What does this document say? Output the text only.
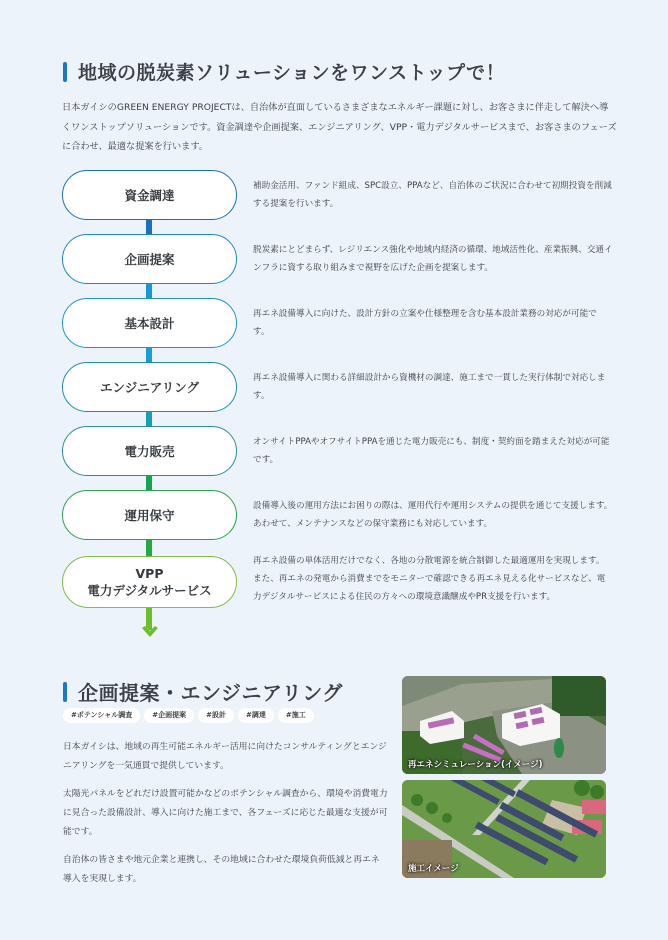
地域の脱炭素ソリューションをワンストップで！

日本ガイシのGREEN ENERGY PROJECTは、自治体が直面しているさまざまなエネルギー課題に対し、お客さまに伴走して解決へ導くワンストップソリューションです。資金調達や企画提案、エンジニアリング、VPP・電力デジタルサービスまで、お客さまのフェーズに合わせ、最適な提案を行います。

資金調達

補助金活用、ファンド組成、SPC設立、PPAなど、自治体のご状況に合わせて初期投資を削減する提案を行います。

企画提案

脱炭素にとどまらず、レジリエンス強化や地域内経済の循環、地域活性化、産業振興、交通インフラに資する取り組みまで視野を広げた企画を提案します。

基本設計

再エネ設備導入に向けた、設計方針の立案や仕様整理を含む基本設計業務の対応が可能です。

エンジニアリング

再エネ設備導入に関わる詳細設計から資機材の調達、施工まで一貫した実行体制で対応します。

電力販売

オンサイトPPAやオフサイトPPAを通じた電力販売にも、制度・契約面を踏まえた対応が可能です。

運用保守

設備導入後の運用方法にお困りの際は、運用代行や運用システムの提供を通じて支援します。あわせて、メンテナンスなどの保守業務にも対応しています。

VPP
電力デジタルサービス

再エネ設備の単体活用だけでなく、各地の分散電源を統合制御した最適運用を実現します。また、再エネの発電から消費までをモニターで確認できる再エネ見える化サービスなど、電力デジタルサービスによる住民の方々への環境意識醸成やPR支援を行います。

企画提案・エンジニアリング
#ポテンシャル調査	#企画提案	#設計	#調達	#施工

日本ガイシは、地域の再生可能エネルギー活用に向けたコンサルティングとエンジニアリングを一気通貫で提供しています。

太陽光パネルをどれだけ設置可能かなどのポテンシャル調査から、環境や消費電力に見合った設備設計、導入に向けた施工まで、各フェーズに応じた最適な支援が可能です。

自治体の皆さまや地元企業と連携し、その地域に合わせた環境負荷低減と再エネ導入を実現します。

再エネシミュレーション(イメージ)
施工イメージ
